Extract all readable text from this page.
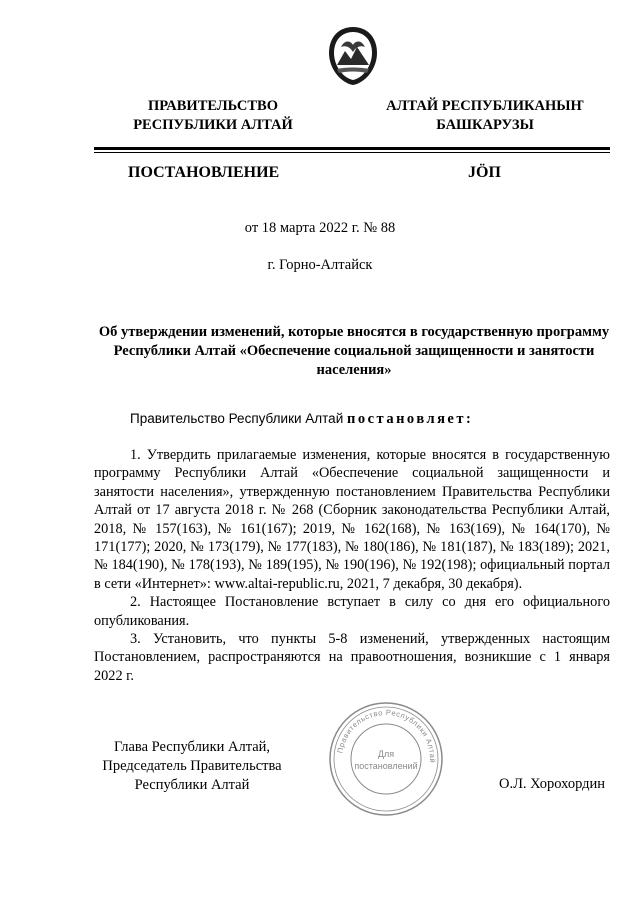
ПРАВИТЕЛЬСТВО
РЕСПУБЛИКИ АЛТАЙ
АЛТАЙ РЕСПУБЛИКАНЫҤ
БАШКАРУЗЫ
ПОСТАНОВЛЕНИЕ	JÖП
от 18 марта 2022 г. № 88
г. Горно-Алтайск
Об утверждении изменений, которые вносятся в государственную программу Республики Алтай «Обеспечение социальной защищенности и занятости населения»
Правительство Республики Алтай постановляет:

1. Утвердить прилагаемые изменения, которые вносятся в государственную программу Республики Алтай «Обеспечение социальной защищенности и занятости населения», утвержденную постановлением Правительства Республики Алтай от 17 августа 2018 г. № 268 (Сборник законодательства Республики Алтай, 2018, № 157(163), № 161(167); 2019, № 162(168), № 163(169), № 164(170), № 171(177); 2020, № 173(179), № 177(183), № 180(186), № 181(187), № 183(189); 2021, № 184(190), № 178(193), № 189(195), № 190(196), № 192(198); официальный портал в сети «Интернет»: www.altai-republic.ru, 2021, 7 декабря, 30 декабря).

2. Настоящее Постановление вступает в силу со дня его официального опубликования.

3. Установить, что пункты 5-8 изменений, утвержденных настоящим Постановлением, распространяются на правоотношения, возникшие с 1 января 2022 г.

Глава Республики Алтай,
Председатель Правительства
Республики Алтай	О.Л. Хорохордин
Правительство Республики Алтай
Для
постановлений
